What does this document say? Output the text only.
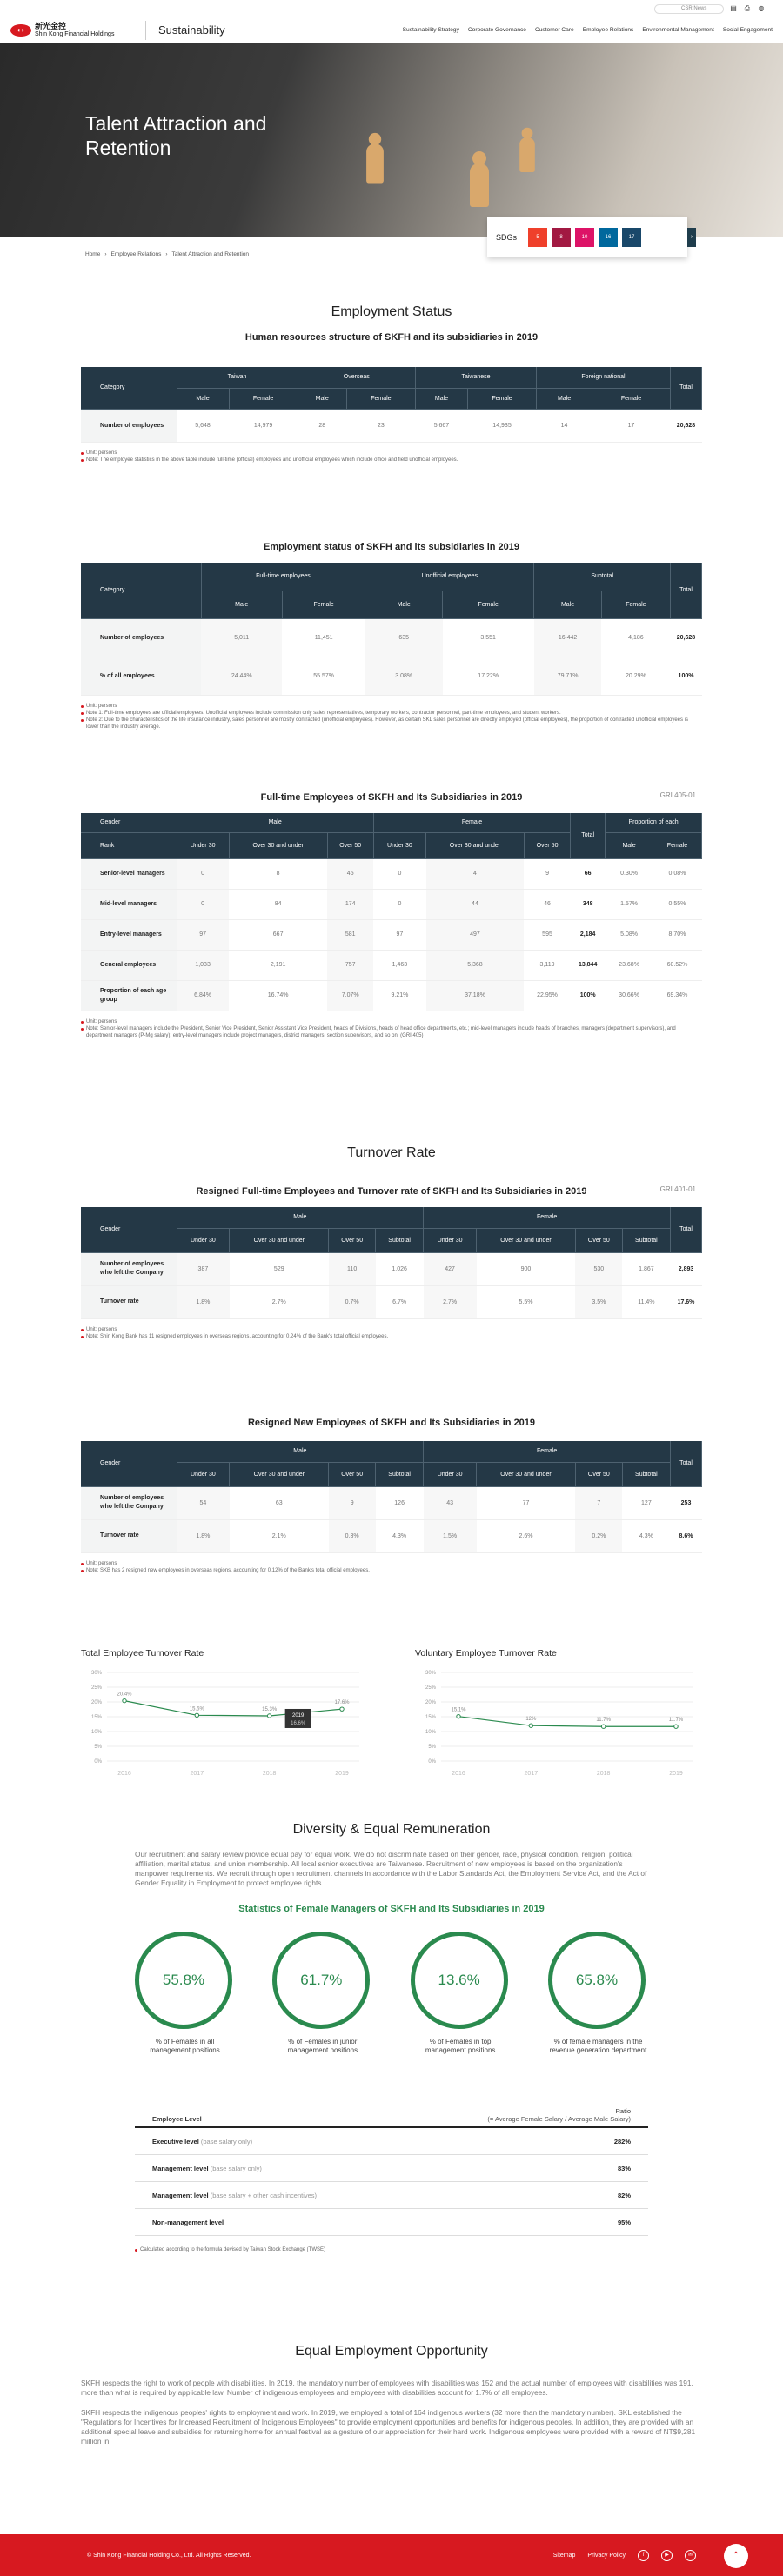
CSR News	▤ ⎙ ◍
◖◗	新光金控
Shin Kong Financial Holdings	Sustainability	Sustainability Strategy Corporate Governance Customer Care Employee Relations Environmental Management Social Engagement
Talent Attraction and Retention
SDGs	5	8	10	16	17	›
Home › Employee Relations › Talent Attraction and Retention
Employment Status
Human resources structure of SKFH and its subsidiaries in 2019
Category	Taiwan		Overseas		Taiwanese		Foreign national		Total
	Male	Female	Male	Female	Male	Female	Male	Female	
Number of employees	5,648	14,979	28	23	5,667	14,935	14	17	20,628

Unit: persons

Note: The employee statistics in the above table include full-time (official) employees and unofficial employees which include office and field unofficial employees.

Employment status of SKFH and its subsidiaries in 2019
Category	Full-time employees		Unofficial employees		Subtotal		Total
	Male	Female	Male	Female	Male	Female	
Number of employees	5,011	11,451	635	3,551	16,442	4,186	20,628
% of all employees	24.44%	55.57%	3.08%	17.22%	79.71%	20.29%	100%

Unit: persons

Note 1: Full-time employees are official employees. Unofficial employees include commission only sales representatives, temporary workers, contractor personnel, part-time employees, and student workers.

Note 2: Due to the characteristics of the life insurance industry, sales personnel are mostly contracted (unofficial employees). However, as certain SKL sales personnel are directly employed (official employees), the proportion of contracted unofficial employees is lower than the industry average.

Full-time Employees of SKFH and Its Subsidiaries in 2019	GRI 405-01
Gender	Male			Female			Total	Proportion of each	
Rank	Under 30	Over 30 and under	Over 50	Under 30	Over 30 and under	Over 50		Male	Female
Senior-level managers	0	8	45	0	4	9	66	0.30%	0.08%
Mid-level managers	0	84	174	0	44	46	348	1.57%	0.55%
Entry-level managers	97	667	581	97	497	595	2,184	5.08%	8.70%
General employees	1,033	2,191	757	1,463	5,368	3,119	13,844	23.68%	60.52%
Proportion of each age group	6.84%	16.74%	7.07%	9.21%	37.18%	22.95%	100%	30.66%	69.34%

Unit: persons

Note: Senior-level managers include the President, Senior Vice President, Senior Assistant Vice President, heads of Divisions, heads of head office departments, etc.; mid-level managers include heads of branches, managers (department supervisors), and department managers (P-Mg salary); entry-level managers include project managers, district managers, section supervisors, and so on. (GRI 405)

Turnover Rate
Resigned Full-time Employees and Turnover rate of SKFH and Its Subsidiaries in 2019	GRI 401-01
Gender	Male				Female				Total
	Under 30	Over 30 and under	Over 50	Subtotal	Under 30	Over 30 and under	Over 50	Subtotal	
Number of employees who left the Company	387	529	110	1,026	427	900	530	1,867	2,893
Turnover rate	1.8%	2.7%	0.7%	6.7%	2.7%	5.5%	3.5%	11.4%	17.6%

Unit: persons

Note: Shin Kong Bank has 11 resigned employees in overseas regions, accounting for 0.24% of the Bank's total official employees.

Resigned New Employees of SKFH and Its Subsidiaries in 2019
Gender	Male				Female				Total
	Under 30	Over 30 and under	Over 50	Subtotal	Under 30	Over 30 and under	Over 50	Subtotal	
Number of employees who left the Company	54	63	9	126	43	77	7	127	253
Turnover rate	1.8%	2.1%	0.3%	4.3%	1.5%	2.6%	0.2%	4.3%	8.6%

Unit: persons

Note: SKB has 2 resigned new employees in overseas regions, accounting for 0.12% of the Bank's total official employees.

Total Employee Turnover Rate
30%
25%
20%
15%
10%
5%
0%
20.4%
2016
15.5%
2017
15.3%
2018
17.6%
2019
2019
16.6%
Voluntary Employee Turnover Rate
30%
25%
20%
15%
10%
5%
0%
15.1%
2016
12%
2017
11.7%
2018
11.7%
2019
Diversity & Equal Remuneration

Our recruitment and salary review provide equal pay for equal work. We do not discriminate based on their gender, race, physical condition, religion, political affiliation, marital status, and union membership. All local senior executives are Taiwanese. Recruitment of new employees is based on the organization's manpower requirements. We recruit through open recruitment channels in accordance with the Labor Standards Act, the Employment Service Act, and the Act of Gender Equality in Employment to protect employee rights.

Statistics of Female Managers of SKFH and Its Subsidiaries in 2019
55.8%

% of Females in all management positions

61.7%

% of Females in junior management positions

13.6%

% of Females in top management positions

65.8%

% of female managers in the revenue generation department

Employee Level
Ratio
(= Average Female Salary / Average Male Salary)
Executive level (base salary only)	282%
Management level (base salary only)	83%
Management level (base salary + other cash incentives)	82%
Non-management level	95%

Calculated according to the formula devised by Taiwan Stock Exchange (TWSE)

Equal Employment Opportunity

SKFH respects the right to work of people with disabilities. In 2019, the mandatory number of employees with disabilities was 152 and the actual number of employees with disabilities was 191, more than what is required by applicable law. Number of indigenous employees and employees with disabilities account for 1.7% of all employees.

SKFH respects the indigenous peoples' rights to employment and work. In 2019, we employed a total of 164 indigenous workers (32 more than the mandatory number). SKL established the "Regulations for Incentives for Increased Recruitment of Indigenous Employees" to provide employment opportunities and benefits for indigenous peoples. In addition, they are provided with an additional special leave and subsidies for returning home for annual festival as a gesture of our appreciation for their hard work. Indigenous employees were provided with a reward of NT$9,281 million in

© Shin Kong Financial Holding Co., Ltd. All Rights Reserved.	Sitemap Privacy Policy	f	▶	✉	⌃
